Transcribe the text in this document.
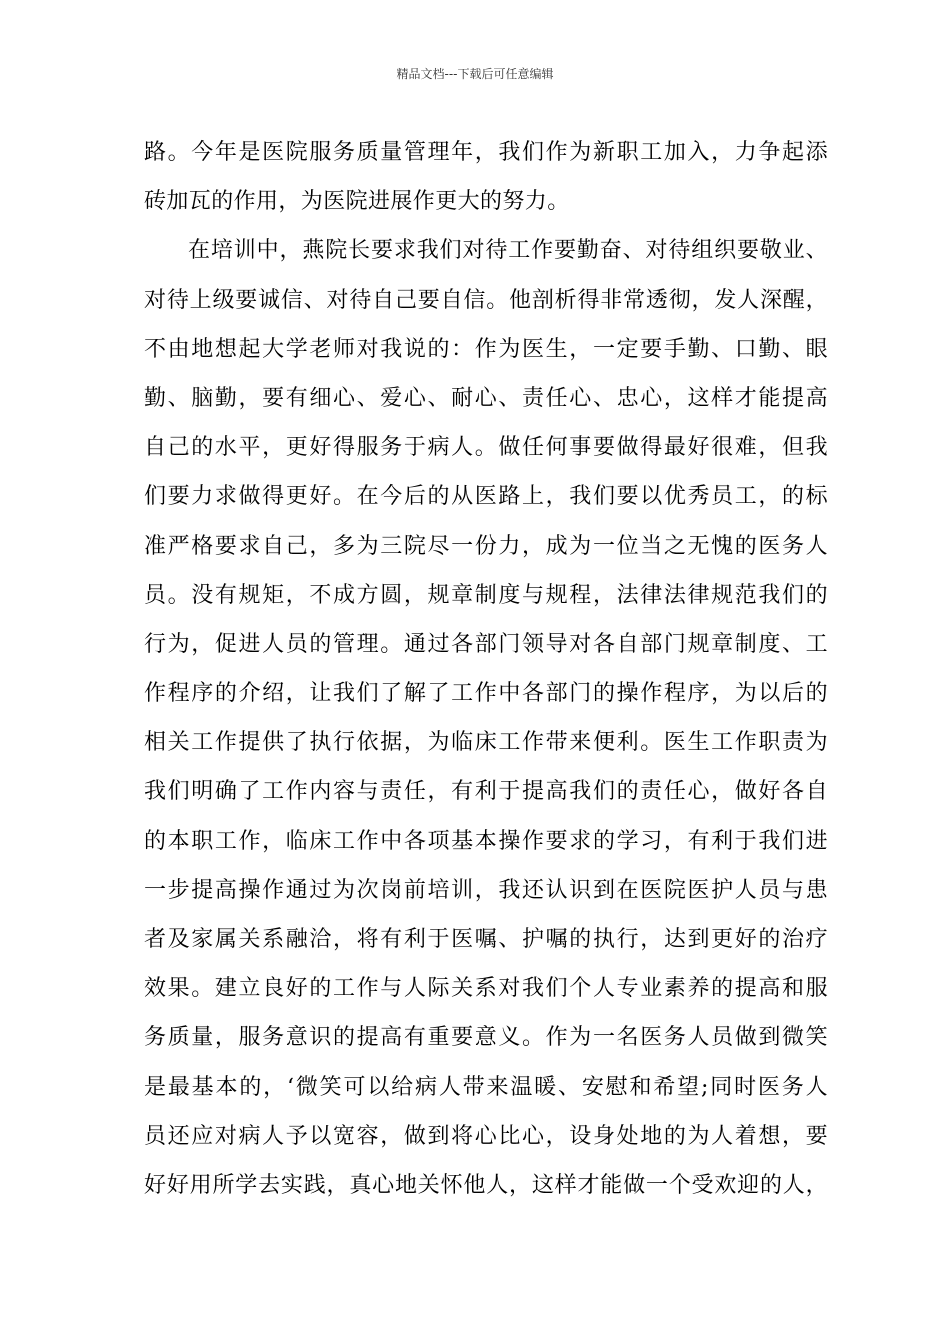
精品文档---下载后可任意编辑
路。今年是医院服务质量管理年，我们作为新职工加入，力争起添
砖加瓦的作用，为医院进展作更大的努力。
在培训中，燕院长要求我们对待工作要勤奋、对待组织要敬业、
对待上级要诚信、对待自己要自信。他剖析得非常透彻，发人深醒，
不由地想起大学老师对我说的：作为医生，一定要手勤、口勤、眼
勤、脑勤，要有细心、爱心、耐心、责任心、忠心，这样才能提高
自己的水平，更好得服务于病人。做任何事要做得最好很难，但我
们要力求做得更好。在今后的从医路上，我们要以优秀员工，的标
准严格要求自己，多为三院尽一份力，成为一位当之无愧的医务人
员。没有规矩，不成方圆，规章制度与规程，法律法律规范我们的
行为，促进人员的管理。通过各部门领导对各自部门规章制度、工
作程序的介绍，让我们了解了工作中各部门的操作程序，为以后的
相关工作提供了执行依据，为临床工作带来便利。医生工作职责为
我们明确了工作内容与责任，有利于提高我们的责任心，做好各自
的本职工作，临床工作中各项基本操作要求的学习，有利于我们进
一步提高操作通过为次岗前培训，我还认识到在医院医护人员与患
者及家属关系融洽，将有利于医嘱、护嘱的执行，达到更好的治疗
效果。建立良好的工作与人际关系对我们个人专业素养的提高和服
务质量，服务意识的提高有重要意义。作为一名医务人员做到微笑
是最基本的，‘微笑可以给病人带来温暖、安慰和希望;同时医务人
员还应对病人予以宽容，做到将心比心，设身处地的为人着想，要
好好用所学去实践，真心地关怀他人，这样才能做一个受欢迎的人，
